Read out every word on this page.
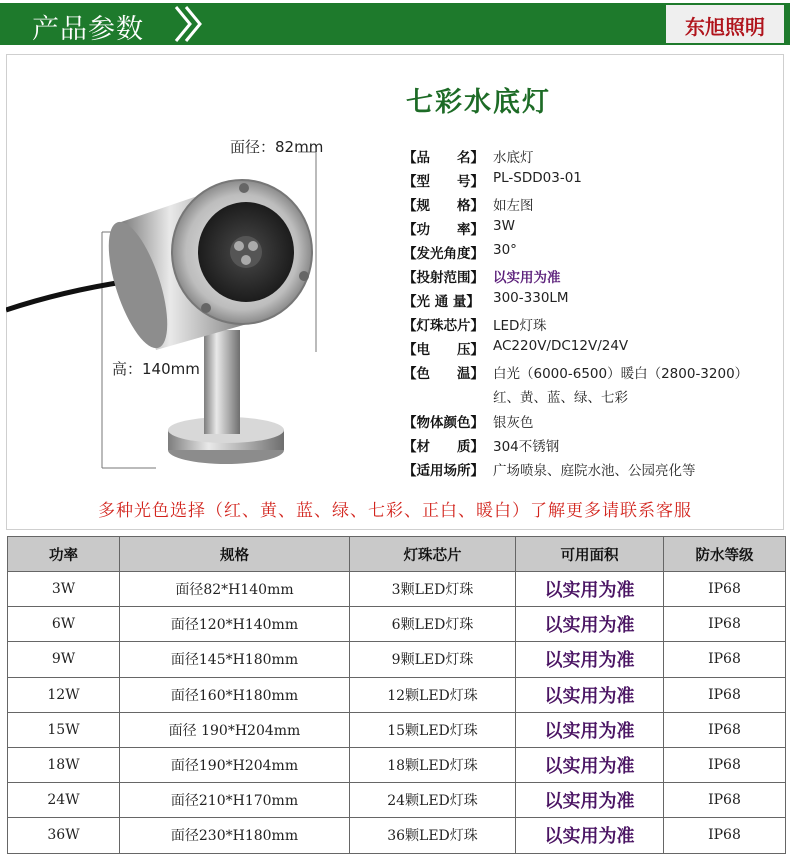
产品参数	东旭照明
七彩水底灯
面径：82mm
高：140mm
【品　　名】 水底灯
【型　　号】 PL-SDD03-01
【规　　格】 如左图
【功　　率】 3W
【发光角度】 30°
【投射范围】 以实用为准
【光 通 量】 300-330LM
【灯珠芯片】 LED灯珠
【电　　压】 AC220V/DC12V/24V
【色　　温】 白光（6000-6500）暖白（2800-3200）
红、黄、蓝、绿、七彩
【物体颜色】 银灰色
【材　　质】 304不锈钢
【适用场所】 广场喷泉、庭院水池、公园亮化等
多种光色选择（红、黄、蓝、绿、七彩、正白、暖白）了解更多请联系客服
功率	规格	灯珠芯片	可用面积	防水等级
3W	面径82*H140mm	3颗LED灯珠	以实用为准	IP68
6W	面径120*H140mm	6颗LED灯珠	以实用为准	IP68
9W	面径145*H180mm	9颗LED灯珠	以实用为准	IP68
12W	面径160*H180mm	12颗LED灯珠	以实用为准	IP68
15W	面径 190*H204mm	15颗LED灯珠	以实用为准	IP68
18W	面径190*H204mm	18颗LED灯珠	以实用为准	IP68
24W	面径210*H170mm	24颗LED灯珠	以实用为准	IP68
36W	面径230*H180mm	36颗LED灯珠	以实用为准	IP68
